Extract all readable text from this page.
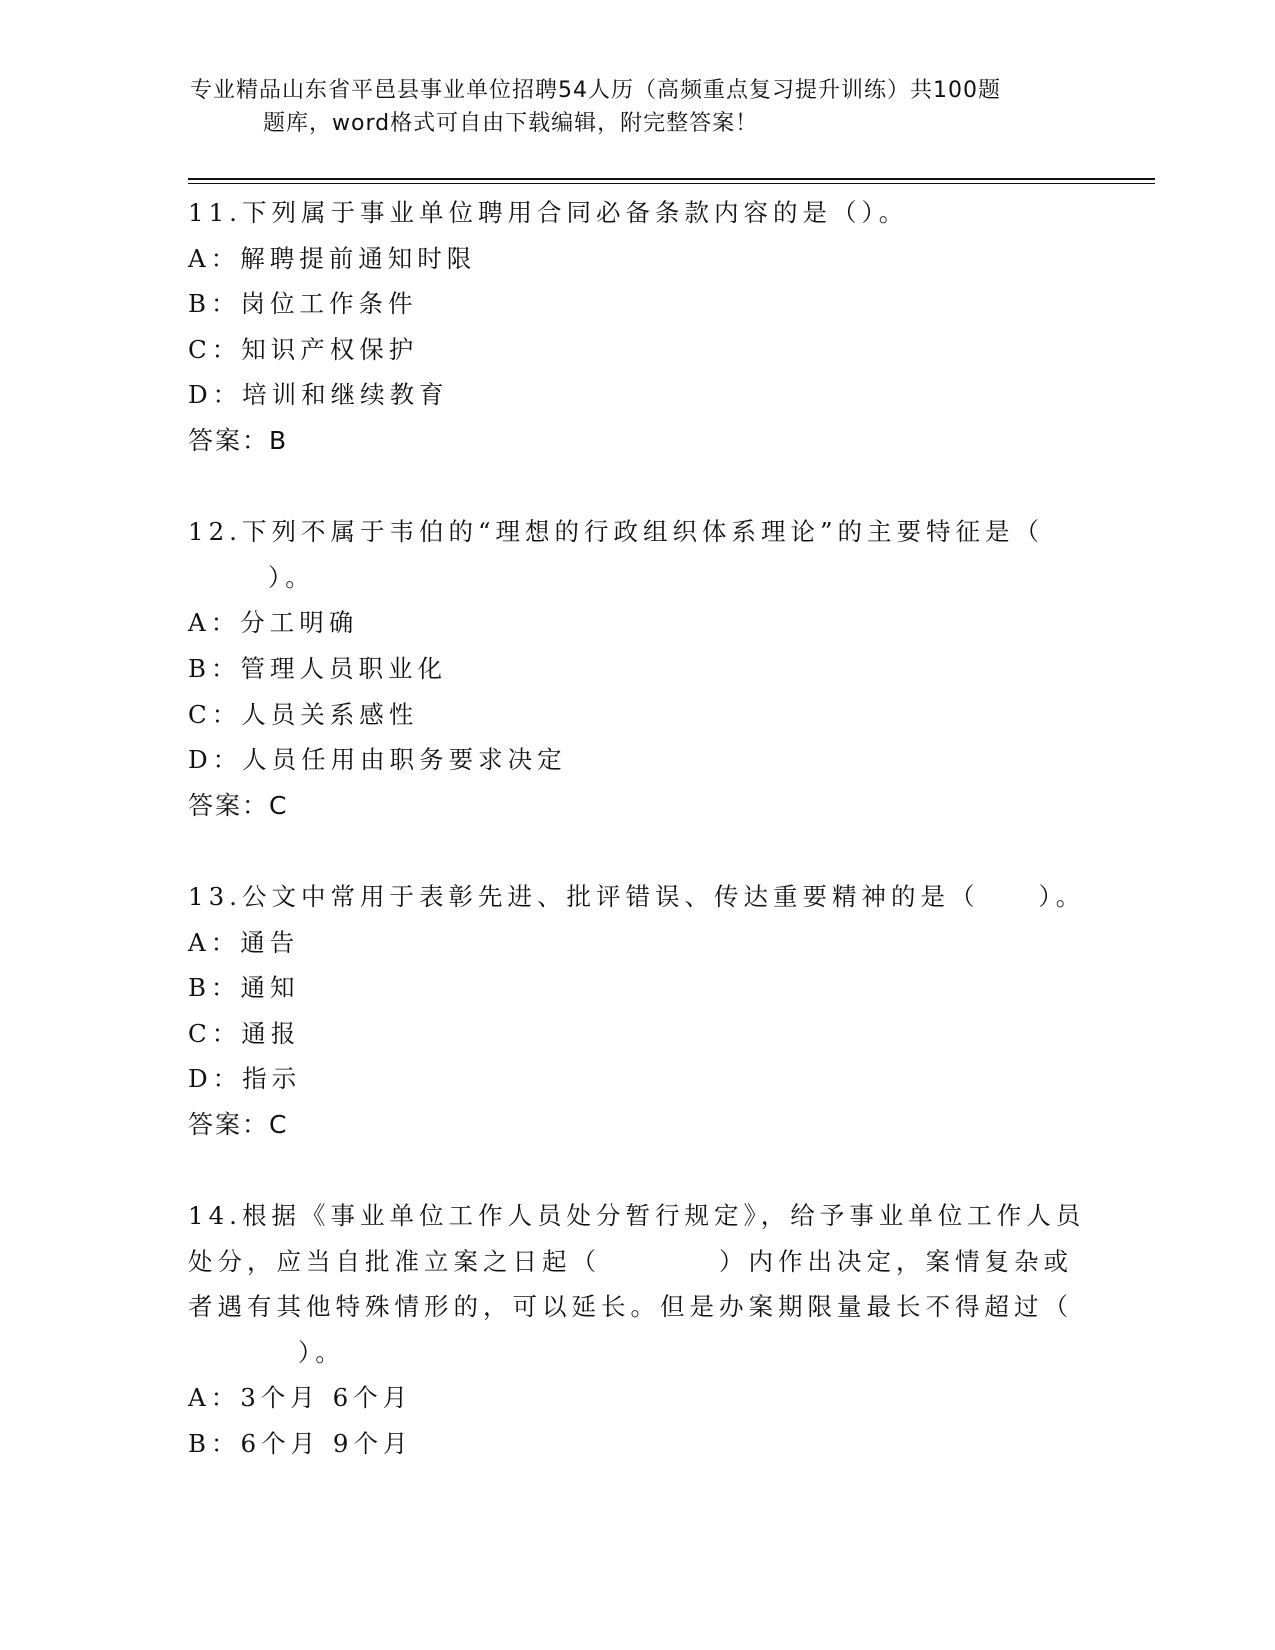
专业精品山东省平邑县事业单位招聘54人历（高频重点复习提升训练）共100题
题库，word格式可自由下载编辑，附完整答案！
11.下列属于事业单位聘用合同必备条款内容的是（）。
A：解聘提前通知时限
B：岗位工作条件
C：知识产权保护
D：培训和继续教育
答案：B
12.下列不属于韦伯的“理想的行政组织体系理论”的主要特征是（
）。
A：分工明确
B：管理人员职业化
C：人员关系感性
D：人员任用由职务要求决定
答案：C
13.公文中常用于表彰先进、批评错误、传达重要精神的是（　　）。
A：通告
B：通知
C：通报
D：指示
答案：C
14.根据《事业单位工作人员处分暂行规定》，给予事业单位工作人员
处分，应当自批准立案之日起（　　　　）内作出决定，案情复杂或
者遇有其他特殊情形的，可以延长。但是办案期限量最长不得超过（
）。
A：3个月 6个月
B：6个月 9个月
